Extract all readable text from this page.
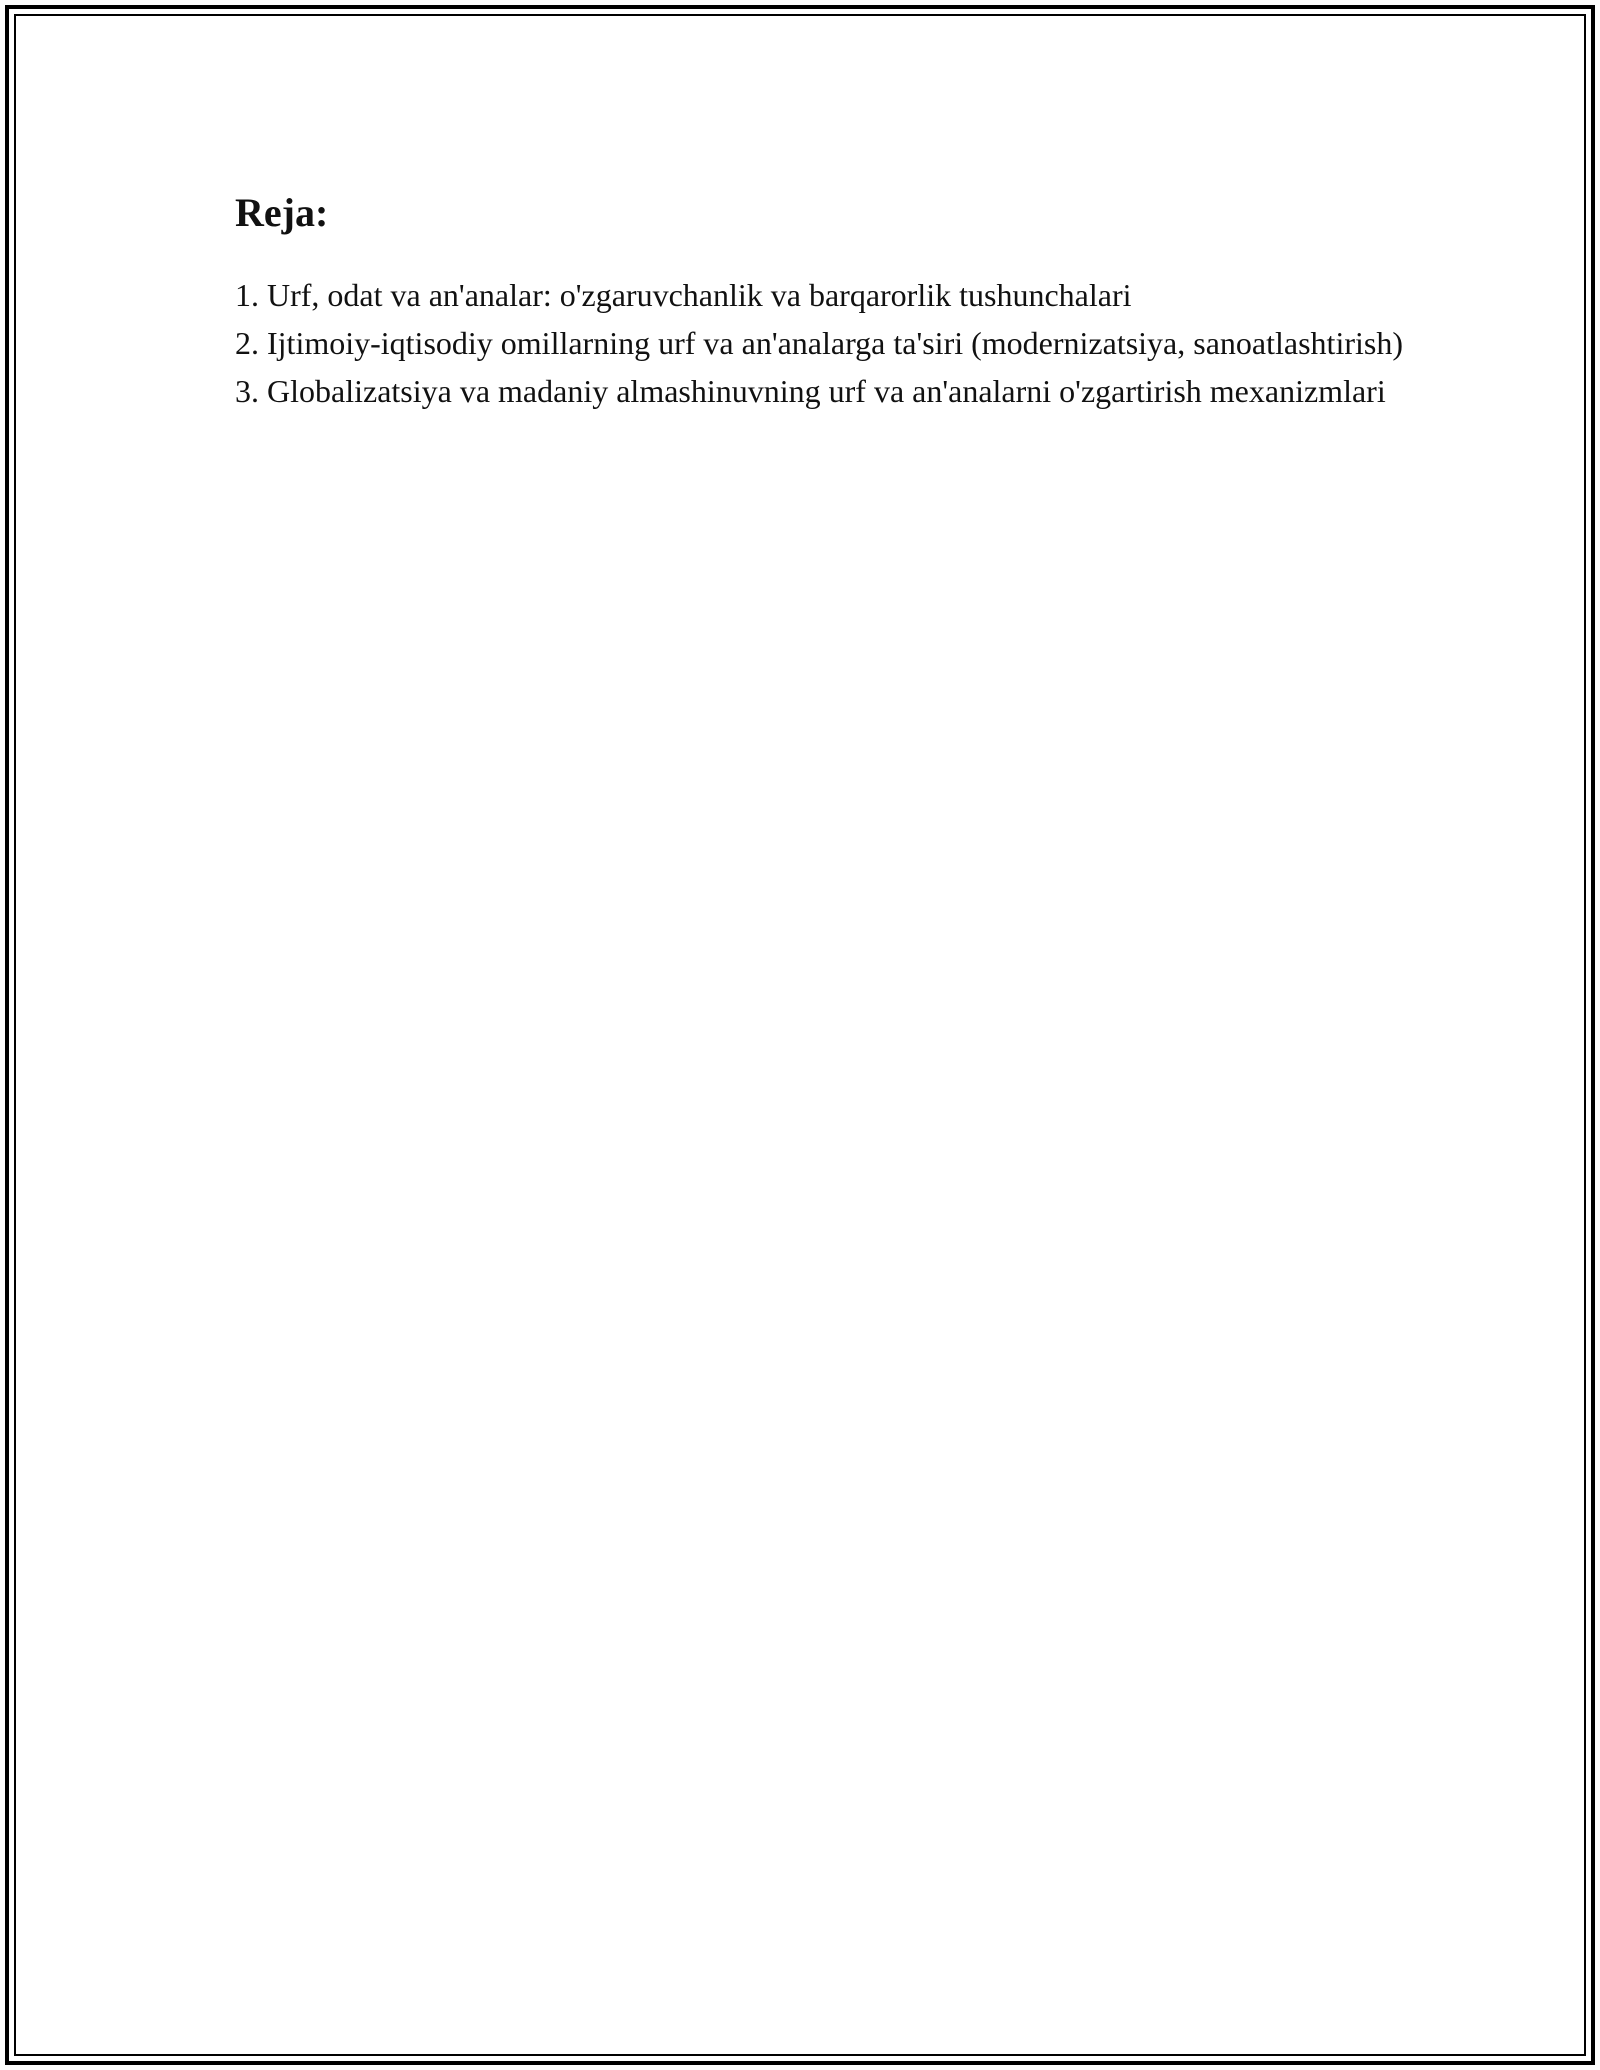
Reja:
1. Urf, odat va an'analar: o'zgaruvchanlik va barqarorlik tushunchalari
2. Ijtimoiy-iqtisodiy omillarning urf va an'analarga ta'siri (modernizatsiya, sanoatlashtirish)
3. Globalizatsiya va madaniy almashinuvning urf va an'analarni o'zgartirish mexanizmlari
